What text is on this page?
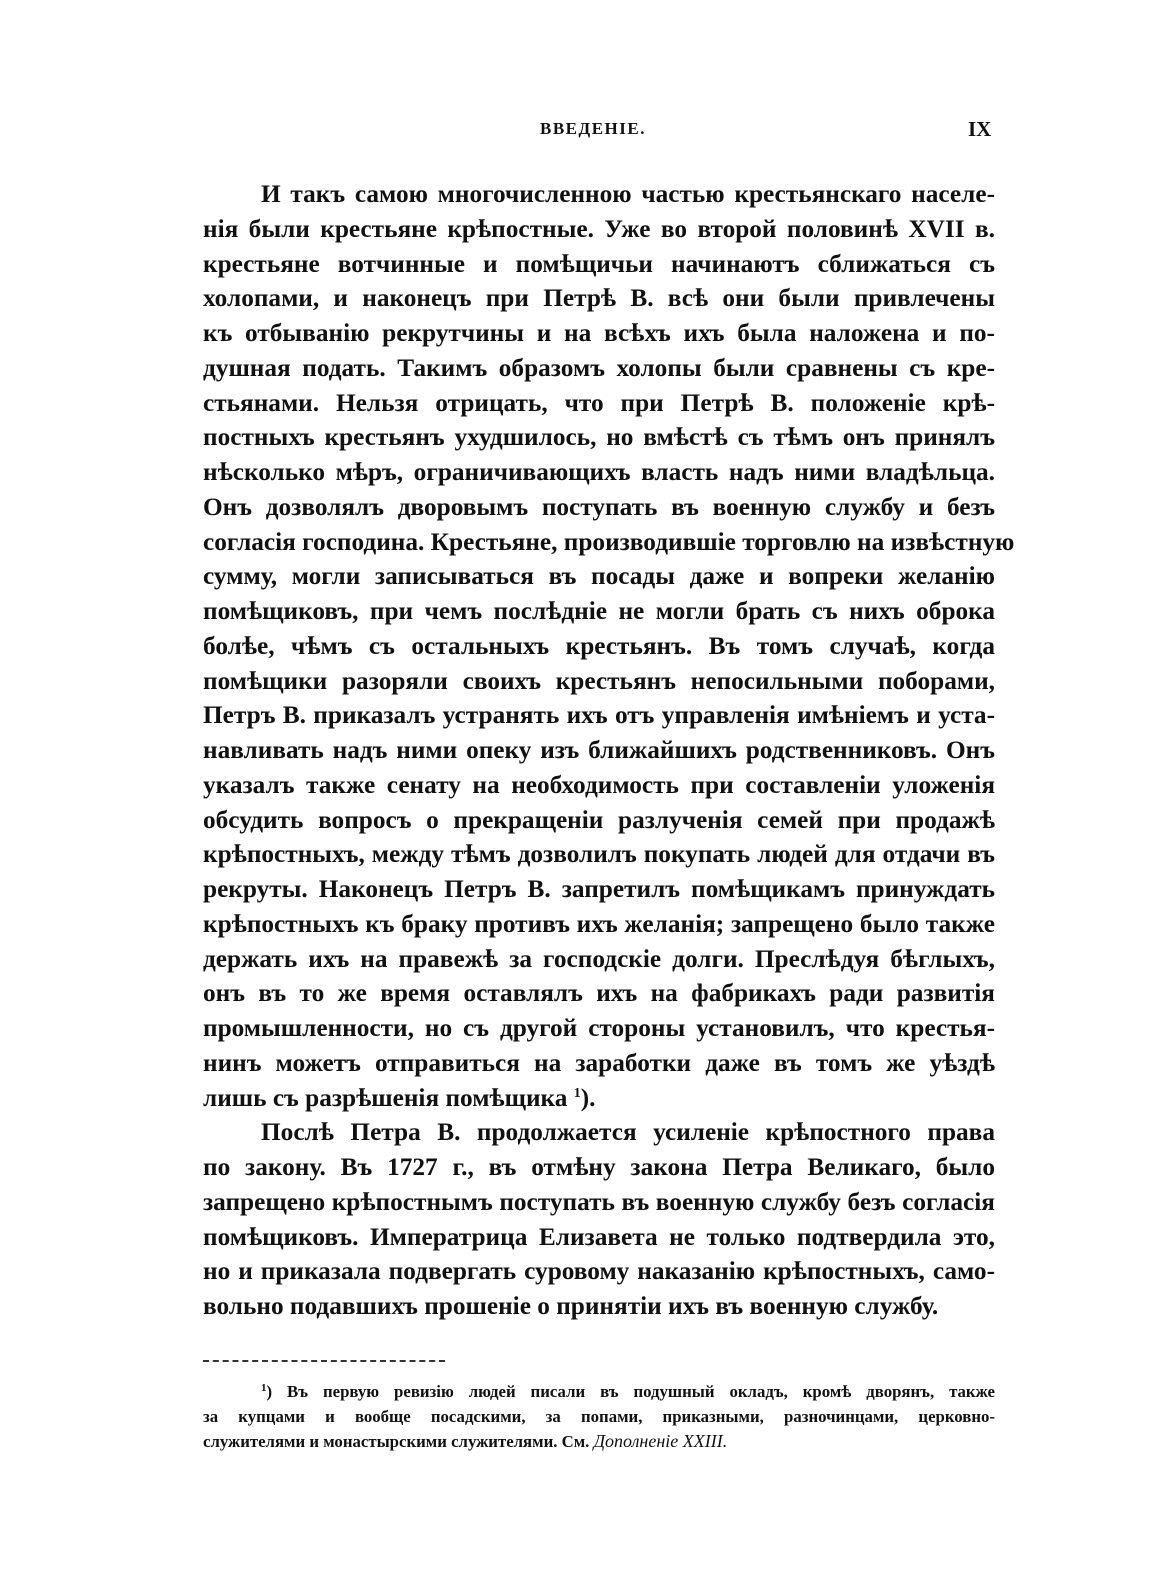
ВВЕДЕНІЕ.	IX
И такъ самою многочисленною частью крестьянскаго населе-
нія были крестьяне крѣпостные. Уже во второй половинѣ XVII в.
крестьяне вотчинные и помѣщичьи начинаютъ сближаться съ
холопами, и наконецъ при Петрѣ В. всѣ они были привлечены
къ отбыванію рекрутчины и на всѣхъ ихъ была наложена и по-
душная подать. Такимъ образомъ холопы были сравнены съ кре-
стьянами. Нельзя отрицать, что при Петрѣ В. положеніе крѣ-
постныхъ крестьянъ ухудшилось, но вмѣстѣ съ тѣмъ онъ принялъ
нѣсколько мѣръ, ограничивающихъ власть надъ ними владѣльца.
Онъ дозволялъ дворовымъ поступать въ военную службу и безъ
согласія господина. Крестьяне, производившіе торговлю на извѣстную
сумму, могли записываться въ посады даже и вопреки желанію
помѣщиковъ, при чемъ послѣдніе не могли брать съ нихъ оброка
болѣе, чѣмъ съ остальныхъ крестьянъ. Въ томъ случаѣ, когда
помѣщики разоряли своихъ крестьянъ непосильными поборами,
Петръ В. приказалъ устранять ихъ отъ управленія имѣніемъ и уста-
навливать надъ ними опеку изъ ближайшихъ родственниковъ. Онъ
указалъ также сенату на необходимость при составленіи уложенія
обсудить вопросъ о прекращеніи разлученія семей при продажѣ
крѣпостныхъ, между тѣмъ дозволилъ покупать людей для отдачи въ
рекруты. Наконецъ Петръ В. запретилъ помѣщикамъ принуждать
крѣпостныхъ къ браку противъ ихъ желанія; запрещено было также
держать ихъ на правежѣ за господскіе долги. Преслѣдуя бѣглыхъ,
онъ въ то же время оставлялъ ихъ на фабрикахъ ради развитія
промышленности, но съ другой стороны установилъ, что крестья-
нинъ можетъ отправиться на заработки даже въ томъ же уѣздѣ
лишь съ разрѣшенія помѣщика $^1$).
Послѣ Петра В. продолжается усиленіе крѣпостного права
по закону. Въ 1727 г., въ отмѣну закона Петра Великаго, было
запрещено крѣпостнымъ поступать въ военную службу безъ согласія
помѣщиковъ. Императрица Елизавета не только подтвердила это,
но и приказала подвергать суровому наказанію крѣпостныхъ, само-
вольно подавшихъ прошеніе о принятіи ихъ въ военную службу.
$^1$) Въ первую ревизію людей писали въ подушный окладъ, кромѣ дворянъ, также
за купцами и вообще посадскими, за попами, приказными, разночинцами, церковно-
служителями и монастырскими служителями. См. Дополненіе XXIII.
